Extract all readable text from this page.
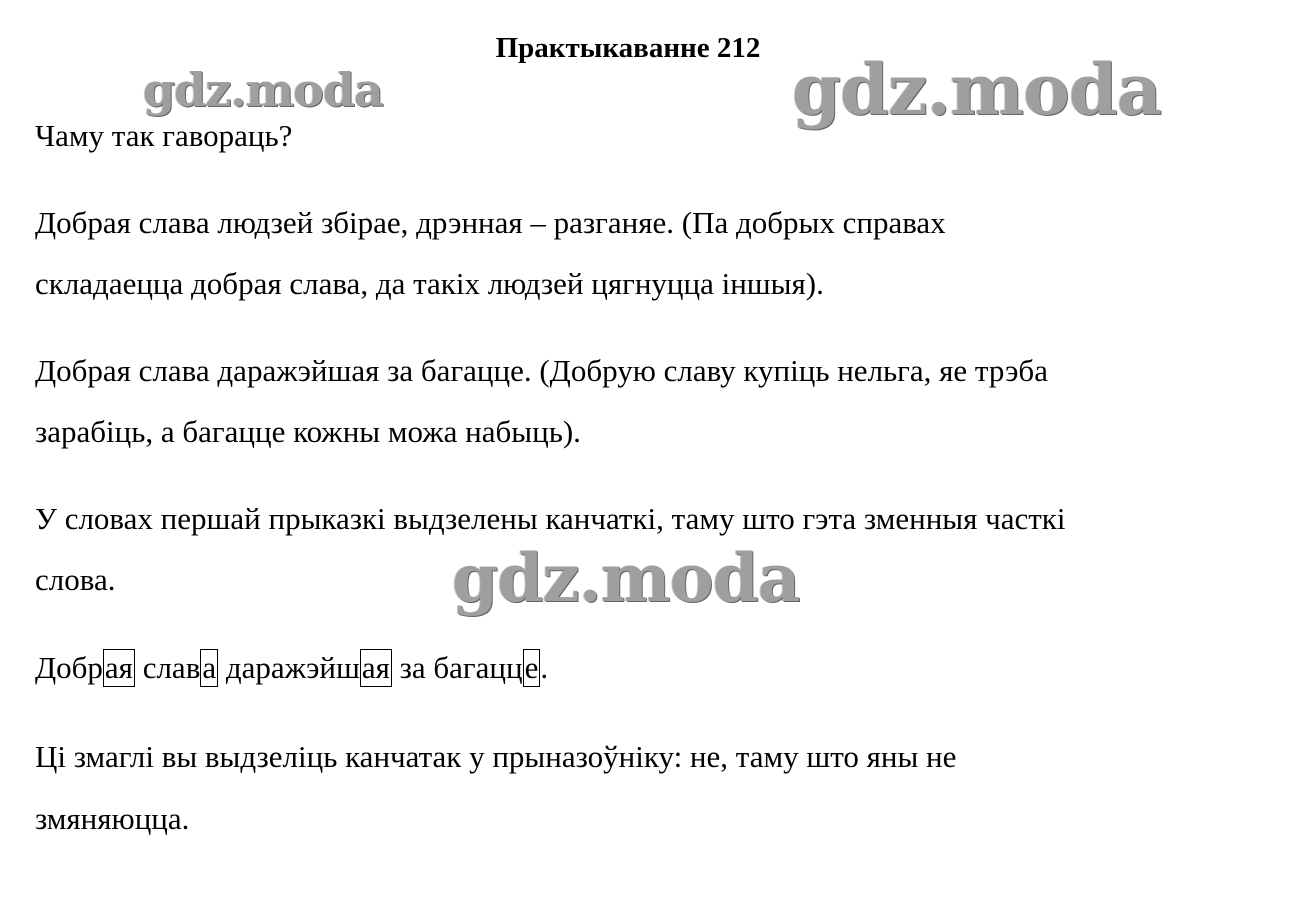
Практыкаванне 212
gdz.moda	gdz.moda
gdz.moda
Чаму так гавораць?
Добрая слава людзей збірае, дрэнная – разганяе. (Па добрых справах
складаецца добрая слава, да такіх людзей цягнуцца іншыя).
Добрая слава даражэйшая за багацце. (Добрую славу купіць нельга, яе трэба
зарабіць, а багацце кожны можа набыць).
У словах першай прыказкі выдзелены канчаткі, таму што гэта зменныя часткі
слова.
Добрая слава даражэйшая за багацце.
Ці змаглі вы выдзеліць канчатак у прыназоўніку: не, таму што яны не
змяняюцца.
